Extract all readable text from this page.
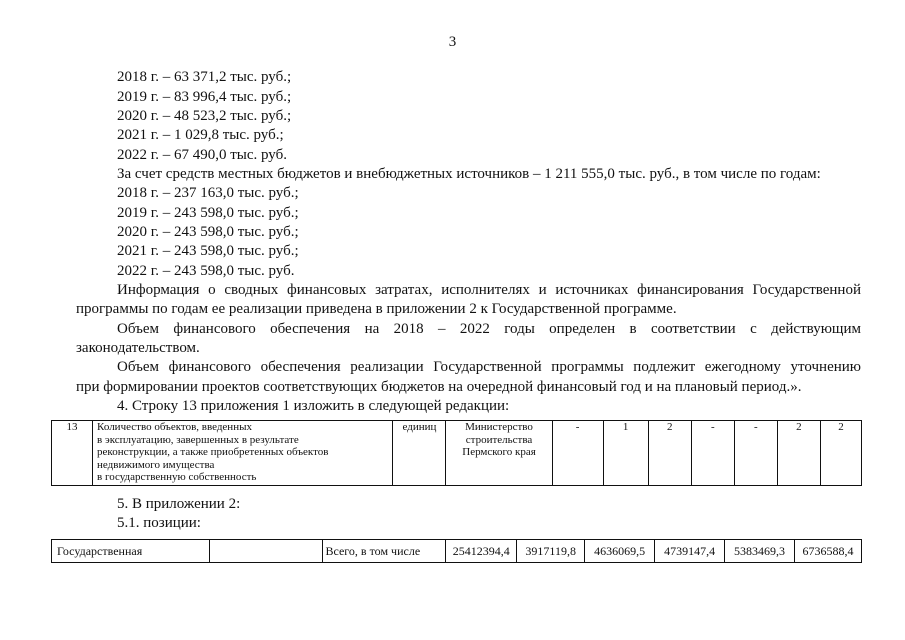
3
2018 г. – 63 371,2 тыс. руб.;
2019 г. – 83 996,4 тыс. руб.;
2020 г. – 48 523,2 тыс. руб.;
2021 г. – 1 029,8 тыс. руб.;
2022 г. – 67 490,0 тыс. руб.
За счет средств местных бюджетов и внебюджетных источников – 1 211 555,0 тыс. руб., в том числе по годам:
2018 г. – 237 163,0 тыс. руб.;
2019 г. – 243 598,0 тыс. руб.;
2020 г. – 243 598,0 тыс. руб.;
2021 г. – 243 598,0 тыс. руб.;
2022 г. – 243 598,0 тыс. руб.
Информация о сводных финансовых затратах, исполнителях и источниках финансирования Государственной
программы по годам ее реализации приведена в приложении 2 к Государственной программе.
Объем финансового обеспечения на 2018 – 2022 годы определен в соответствии с действующим
законодательством.
Объем финансового обеспечения реализации Государственной программы подлежит ежегодному уточнению
при формировании проектов соответствующих бюджетов на очередной финансовый год и на плановый период.».
4. Строку 13 приложения 1 изложить в следующей редакции:
13	Количество объектов, введенных
в эксплуатацию, завершенных в результате
реконструкции, а также приобретенных объектов
недвижимого имущества
в государственную собственность	единиц	Министерство
строительства
Пермского края	-	1	2	-	-	2	2
5. В приложении 2:
5.1. позиции:
Государственная		Всего, в том числе	25412394,4	3917119,8	4636069,5	4739147,4	5383469,3	6736588,4
